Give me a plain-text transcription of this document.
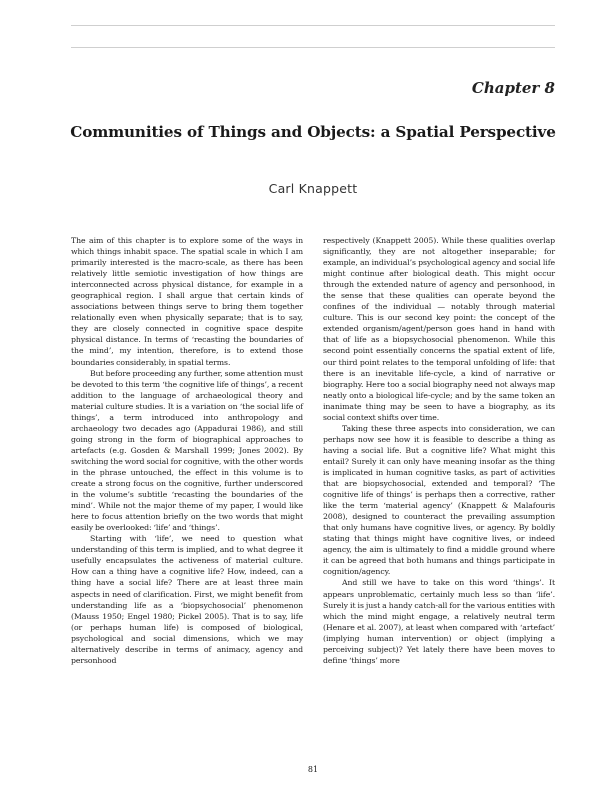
Chapter 8
Communities of Things and Objects: a Spatial Perspective
Carl Knappett

The aim of this chapter is to explore some of the ways in which things inhabit space. The spatial scale in which I am primarily interested is the macro-scale, as there has been relatively little semiotic investigation of how things are interconnected across physical distance, for example in a geographical region. I shall argue that certain kinds of associations between things serve to bring them together relationally even when physically separate; that is to say, they are closely connected in cognitive space despite physical distance. In terms of ‘recasting the boundaries of the mind’, my intention, therefore, is to extend those boundaries considerably, in spatial terms.

But before proceeding any further, some attention must be devoted to this term ‘the cognitive life of things’, a recent addition to the language of archaeological theory and material culture studies. It is a variation on ‘the social life of things’, a term introduced into anthropology and archaeology two decades ago (Appadurai 1986), and still going strong in the form of biographical approaches to artefacts (e.g. Gosden & Marshall 1999; Jones 2002). By switching the word social for cognitive, with the other words in the phrase untouched, the effect in this volume is to create a strong focus on the cognitive, further underscored in the volume’s subtitle ‘recasting the boundaries of the mind’. While not the major theme of my paper, I would like here to focus attention briefly on the two words that might easily be overlooked: ‘life’ and ‘things’.

Starting with ‘life’, we need to question what understanding of this term is implied, and to what degree it usefully encapsulates the activeness of material culture. How can a thing have a cognitive life? How, indeed, can a thing have a social life? There are at least three main aspects in need of clarification. First, we might benefit from understanding life as a ‘biopsychosocial’ phenomenon (Mauss 1950; Engel 1980; Pickel 2005). That is to say, life (or perhaps human life) is composed of biological, psychological and social dimensions, which we may alternatively describe in terms of animacy, agency and personhood

respectively (Knappett 2005). While these qualities overlap significantly, they are not altogether inseparable; for example, an individual’s psychological agency and social life might continue after biological death. This might occur through the extended nature of agency and personhood, in the sense that these qualities can operate beyond the confines of the individual — notably through material culture. This is our second key point: the concept of the extended organism/agent/person goes hand in hand with that of life as a biopsychosocial phenomenon. While this second point essentially concerns the spatial extent of life, our third point relates to the temporal unfolding of life: that there is an inevitable life-cycle, a kind of narrative or biography. Here too a social biography need not always map neatly onto a biological life-cycle; and by the same token an inanimate thing may be seen to have a biography, as its social context shifts over time.

Taking these three aspects into consideration, we can perhaps now see how it is feasible to describe a thing as having a social life. But a cognitive life? What might this entail? Surely it can only have meaning insofar as the thing is implicated in human cognitive tasks, as part of activities that are biopsychosocial, extended and temporal? ‘The cognitive life of things’ is perhaps then a corrective, rather like the term ‘material agency’ (Knappett & Malafouris 2008), designed to counteract the prevailing assumption that only humans have cognitive lives, or agency. By boldly stating that things might have cognitive lives, or indeed agency, the aim is ultimately to find a middle ground where it can be agreed that both humans and things participate in cognition/agency.

And still we have to take on this word ‘things’. It appears unproblematic, certainly much less so than ‘life’. Surely it is just a handy catch-all for the various entities with which the mind might engage, a relatively neutral term (Henare et al. 2007), at least when compared with ‘artefact’ (implying human intervention) or object (implying a perceiving subject)? Yet lately there have been moves to define ‘things’ more

81
